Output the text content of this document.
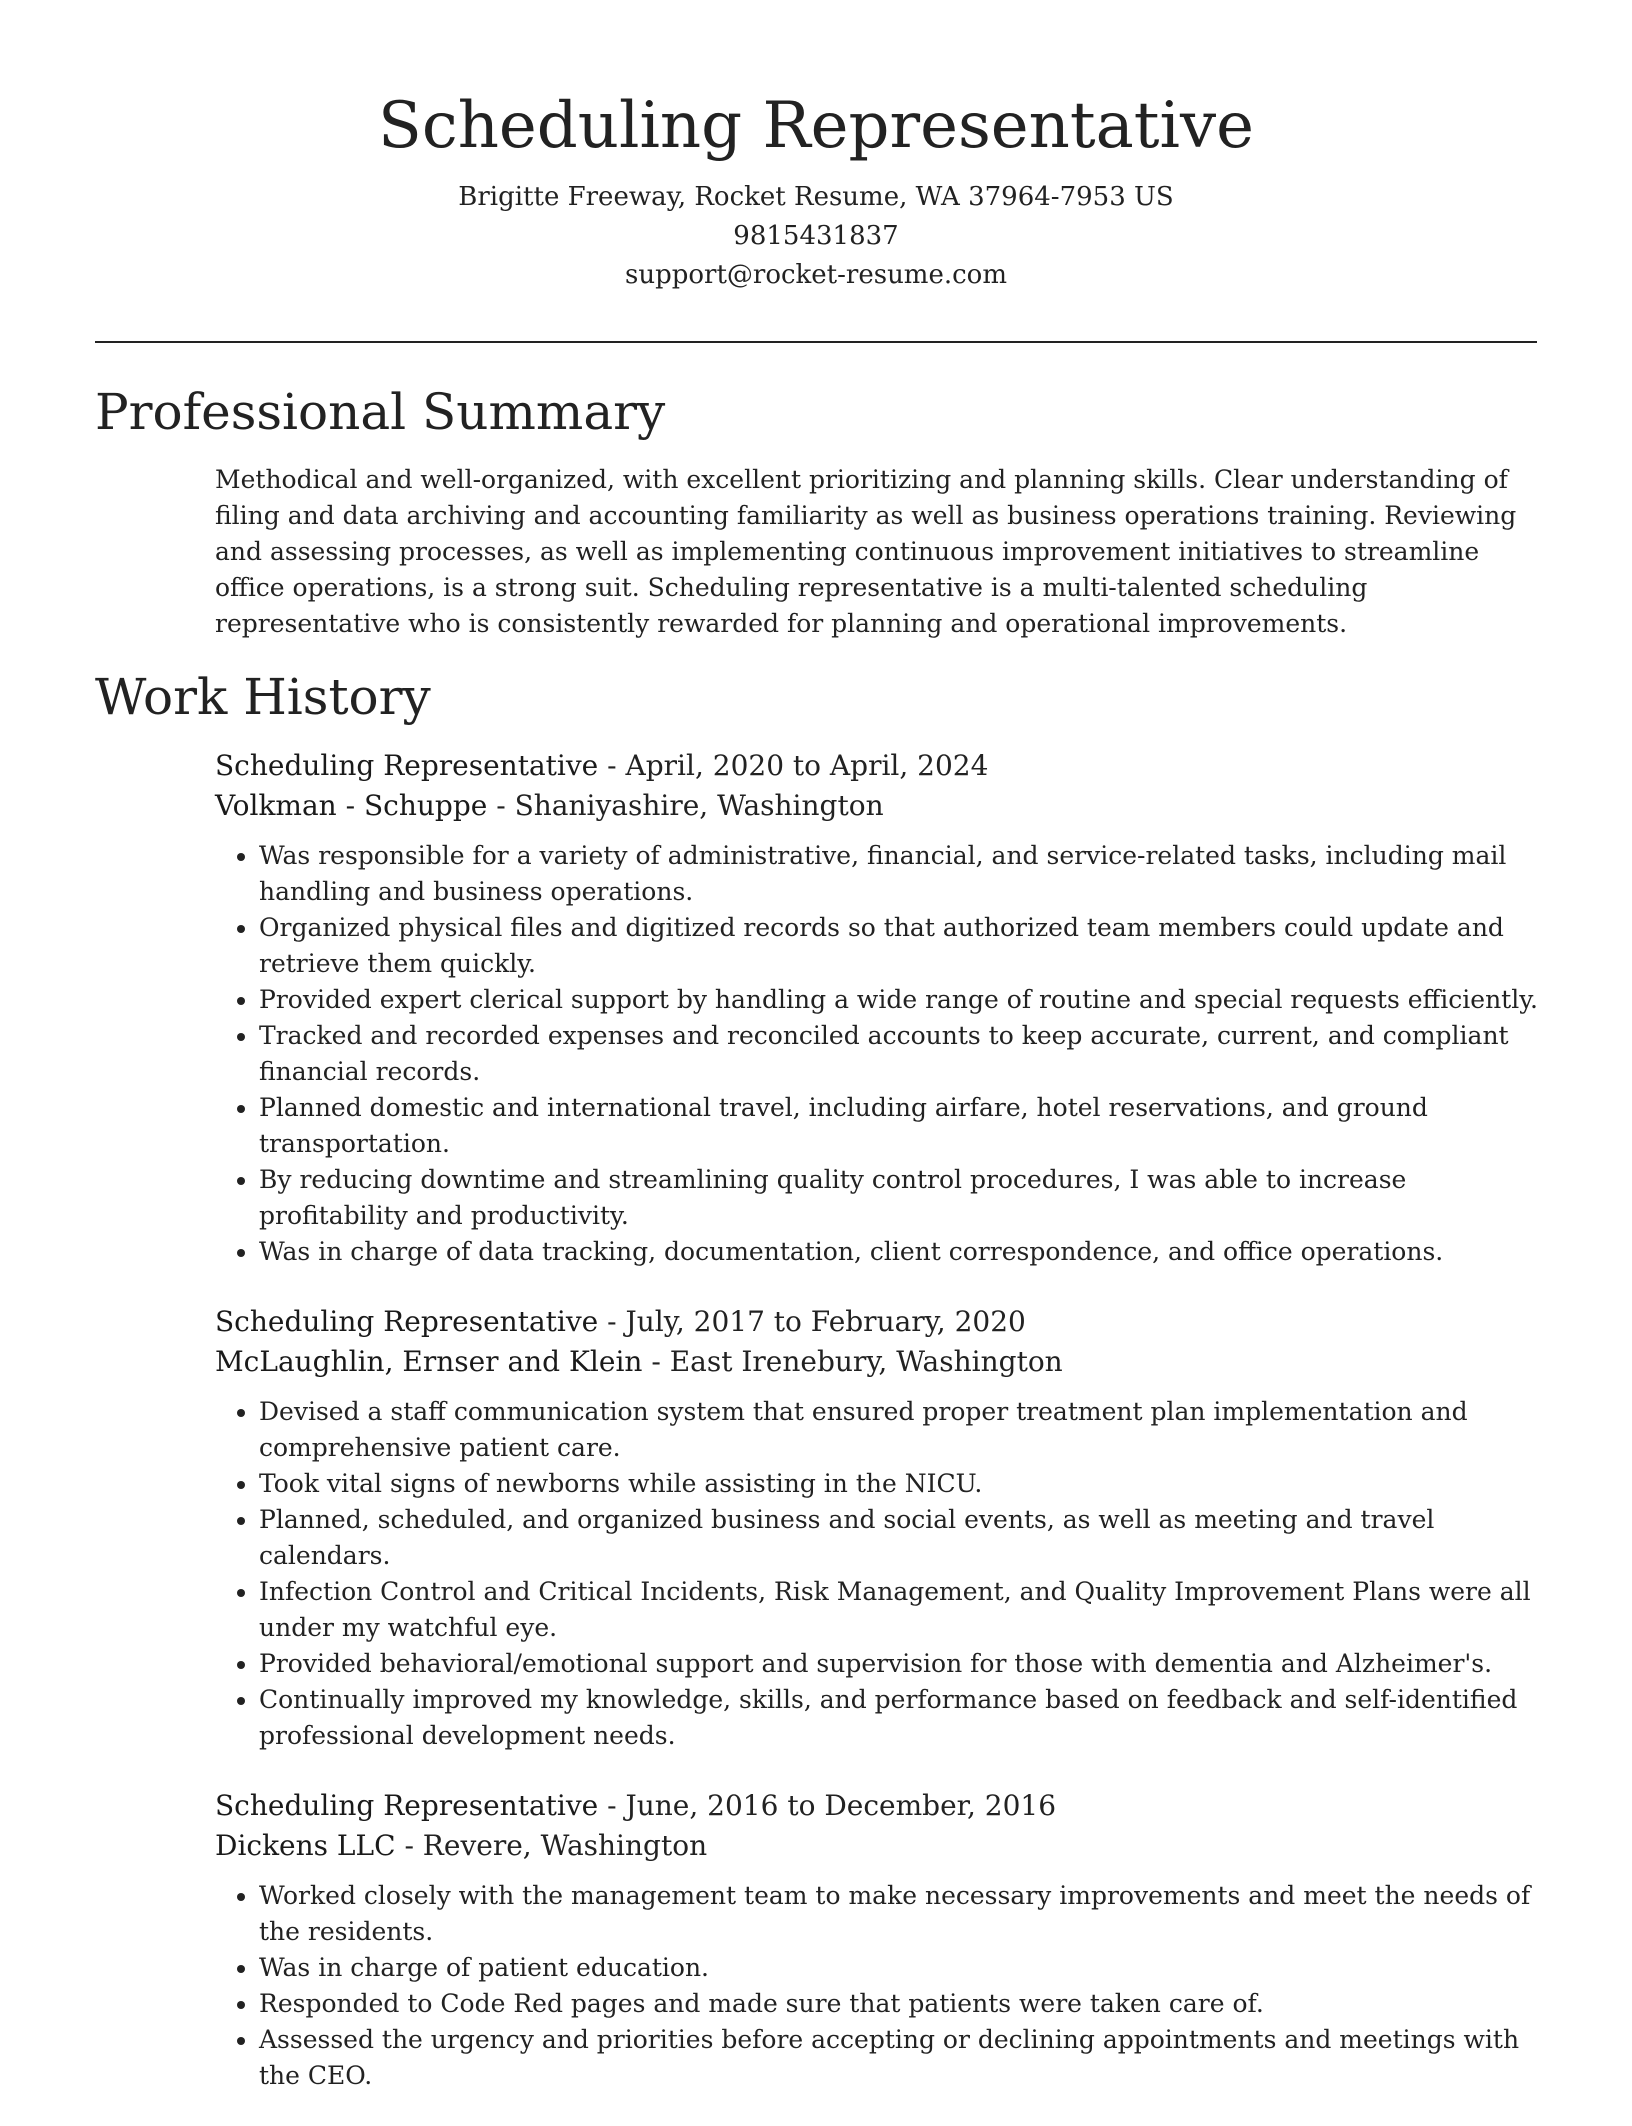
Scheduling Representative
Brigitte Freeway, Rocket Resume, WA 37964-7953 US
9815431837
support@rocket-resume.com
Professional Summary

Methodical and well-organized, with excellent prioritizing and planning skills. Clear understanding of filing and data archiving and accounting familiarity as well as business operations training. Reviewing and assessing processes, as well as implementing continuous improvement initiatives to streamline office operations, is a strong suit. Scheduling representative is a multi-talented scheduling representative who is consistently rewarded for planning and operational improvements.

Work History
Scheduling Representative - April, 2020 to April, 2024
Volkman - Schuppe - Shaniyashire, Washington
• Was responsible for a variety of administrative, financial, and service-related tasks, including mail handling and business operations.
• Organized physical files and digitized records so that authorized team members could update and retrieve them quickly.
• Provided expert clerical support by handling a wide range of routine and special requests efficiently.
• Tracked and recorded expenses and reconciled accounts to keep accurate, current, and compliant financial records.
• Planned domestic and international travel, including airfare, hotel reservations, and ground transportation.
• By reducing downtime and streamlining quality control procedures, I was able to increase profitability and productivity.
• Was in charge of data tracking, documentation, client correspondence, and office operations.
Scheduling Representative - July, 2017 to February, 2020
McLaughlin, Ernser and Klein - East Irenebury, Washington
• Devised a staff communication system that ensured proper treatment plan implementation and comprehensive patient care.
• Took vital signs of newborns while assisting in the NICU.
• Planned, scheduled, and organized business and social events, as well as meeting and travel calendars.
• Infection Control and Critical Incidents, Risk Management, and Quality Improvement Plans were all under my watchful eye.
• Provided behavioral/emotional support and supervision for those with dementia and Alzheimer's.
• Continually improved my knowledge, skills, and performance based on feedback and self-identified professional development needs.
Scheduling Representative - June, 2016 to December, 2016
Dickens LLC - Revere, Washington
• Worked closely with the management team to make necessary improvements and meet the needs of the residents.
• Was in charge of patient education.
• Responded to Code Red pages and made sure that patients were taken care of.
• Assessed the urgency and priorities before accepting or declining appointments and meetings with the CEO.
